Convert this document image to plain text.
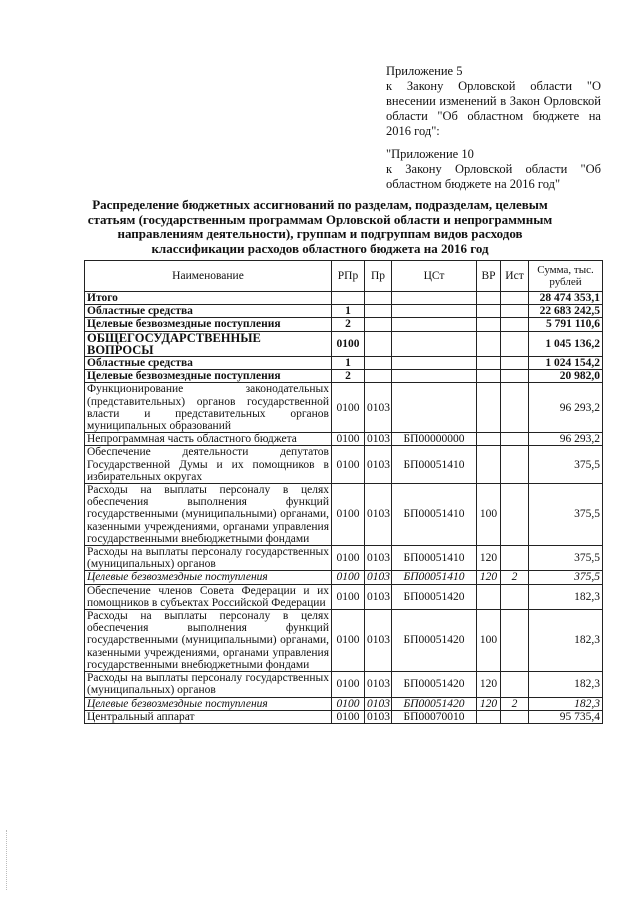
Приложение 5

к Закону Орловской области "О внесении изменений в Закон Орловской области "Об областном бюджете на 2016 год":

"Приложение 10

к Закону Орловской области "Об областном бюджете на 2016 год"

Распределение бюджетных ассигнований по разделам, подразделам, целевым статьям (государственным программам Орловской области и непрограммным направлениям деятельности), группам и подгруппам видов расходов классификации расходов областного бюджета на 2016 год
Наименование	РПр	Пр	ЦСт	ВР	Ист	Сумма, тыс. рублей
Итого						28 474 353,1
Областные средства	1					22 683 242,5
Целевые безвозмездные поступления	2					5 791 110,6
ОБЩЕГОСУДАРСТВЕННЫЕ ВОПРОСЫ	0100					1 045 136,2
Областные средства	1					1 024 154,2
Целевые безвозмездные поступления	2					20 982,0
Функционирование законодательных (представительных) органов государственной власти и представительных органов муниципальных образований	0100	0103				96 293,2
Непрограммная часть областного бюджета	0100	0103	БП00000000			96 293,2
Обеспечение деятельности депутатов Государственной Думы и их помощников в избирательных округах	0100	0103	БП00051410			375,5
Расходы на выплаты персоналу в целях обеспечения выполнения функций государственными (муниципальными) органами, казенными учреждениями, органами управления государственными внебюджетными фондами	0100	0103	БП00051410	100		375,5
Расходы на выплаты персоналу государственных (муниципальных) органов	0100	0103	БП00051410	120		375,5
Целевые безвозмездные поступления	0100	0103	БП00051410	120	2	375,5
Обеспечение членов Совета Федерации и их помощников в субъектах Российской Федерации	0100	0103	БП00051420			182,3
Расходы на выплаты персоналу в целях обеспечения выполнения функций государственными (муниципальными) органами, казенными учреждениями, органами управления государственными внебюджетными фондами	0100	0103	БП00051420	100		182,3
Расходы на выплаты персоналу государственных (муниципальных) органов	0100	0103	БП00051420	120		182,3
Целевые безвозмездные поступления	0100	0103	БП00051420	120	2	182,3
Центральный аппарат	0100	0103	БП00070010			95 735,4
